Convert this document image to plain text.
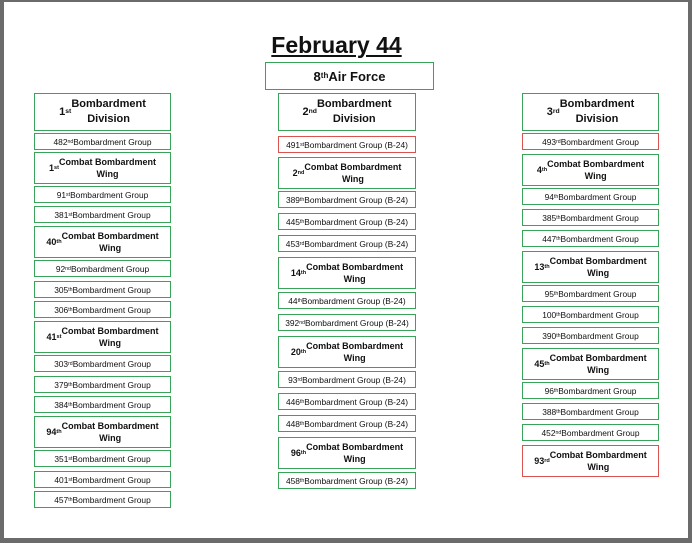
February 44
8 th Air Force
1 st
Bombardment
Division
482 nd Bombardment Group
1 st
Combat Bombardment
Wing
91 st Bombardment Group
381 st Bombardment Group
40 th
Combat Bombardment
Wing
92 nd Bombardment Group
305 th Bombardment Group
306 th Bombardment Group
41 st
Combat Bombardment
Wing
303 rd Bombardment Group
379 th Bombardment Group
384 th Bombardment Group
94 th
Combat Bombardment
Wing
351 st Bombardment Group
401 st Bombardment Group
457 th Bombardment Group
2 nd
Bombardment
Division
491 st Bombardment Group (B-24)
2 nd
Combat Bombardment
Wing
389 th Bombardment Group (B-24)
445 th Bombardment Group (B-24)
453 rd Bombardment Group (B-24)
14 th
Combat Bombardment
Wing
44 th Bombardment Group (B-24)
392 nd Bombardment Group (B-24)
20 th
Combat Bombardment
Wing
93 rd Bombardment Group (B-24)
446 th Bombardment Group (B-24)
448 th Bombardment Group (B-24)
96 th
Combat Bombardment
Wing
458 th Bombardment Group (B-24)
3 rd
Bombardment
Division
493 rd Bombardment Group
4 th
Combat Bombardment
Wing
94 th Bombardment Group
385 th Bombardment Group
447 th Bombardment Group
13 th
Combat Bombardment
Wing
95 th Bombardment Group
100 th Bombardment Group
390 th Bombardment Group
45 th
Combat Bombardment
Wing
96 th Bombardment Group
388 th Bombardment Group
452 nd Bombardment Group
93 rd
Combat Bombardment
Wing
